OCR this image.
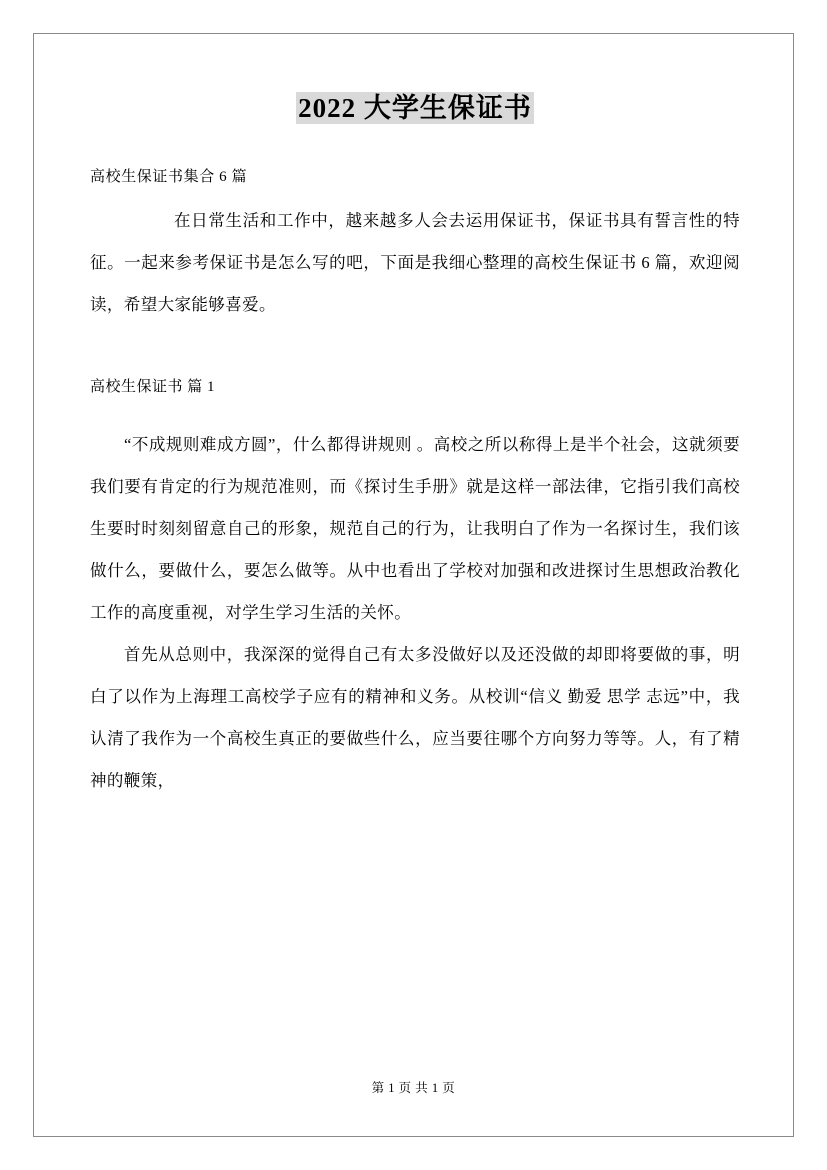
2022 大学生保证书

高校生保证书集合 6 篇

在日常生活和工作中，越来越多人会去运用保证书，保证书具有誓言性的特征。一起来参考保证书是怎么写的吧，下面是我细心整理的高校生保证书 6 篇，欢迎阅读，希望大家能够喜爱。

高校生保证书 篇 1

“不成规则难成方圆”，什么都得讲规则 。高校之所以称得上是半个社会，这就须要我们要有肯定的行为规范准则，而《探讨生手册》就是这样一部法律，它指引我们高校生要时时刻刻留意自己的形象，规范自己的行为，让我明白了作为一名探讨生，我们该做什么，要做什么，要怎么做等。从中也看出了学校对加强和改进探讨生思想政治教化工作的高度重视，对学生学习生活的关怀。

首先从总则中，我深深的觉得自己有太多没做好以及还没做的却即将要做的事，明白了以作为上海理工高校学子应有的精神和义务。从校训“信义 勤爱 思学 志远”中，我认清了我作为一个高校生真正的要做些什么，应当要往哪个方向努力等等。人，有了精神的鞭策，

第 1 页 共 1 页
